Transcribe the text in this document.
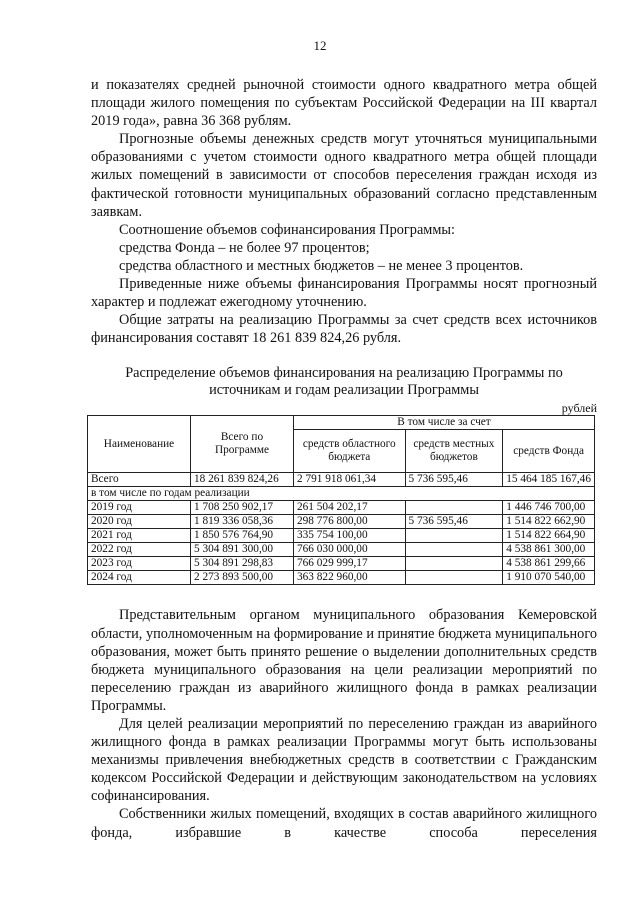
12

и показателях средней рыночной стоимости одного квадратного метра общей площади жилого помещения по субъектам Российской Федерации на III квартал 2019 года», равна 36 368 рублям.

Прогнозные объемы денежных средств могут уточняться муниципальными образованиями с учетом стоимости одного квадратного метра общей площади жилых помещений в зависимости от способов переселения граждан исходя из фактической готовности муниципальных образований согласно представленным заявкам.

Соотношение объемов софинансирования Программы:

средства Фонда – не более 97 процентов;

средства областного и местных бюджетов – не менее 3 процентов.

Приведенные ниже объемы финансирования Программы носят прогнозный характер и подлежат ежегодному уточнению.

Общие затраты на реализацию Программы за счет средств всех источников финансирования составят 18 261 839 824,26 рубля.

Распределение объемов финансирования на реализацию Программы по источникам и годам реализации Программы
рублей
Наименование	Всего по Программе	В том числе за счет		
		средств областного бюджета	средств местных бюджетов	средств Фонда
Всего	18 261 839 824,26	2 791 918 061,34	5 736 595,46	15 464 185 167,46
в том числе по годам реализации				
2019 год	1 708 250 902,17	261 504 202,17		1 446 746 700,00
2020 год	1 819 336 058,36	298 776 800,00	5 736 595,46	1 514 822 662,90
2021 год	1 850 576 764,90	335 754 100,00		1 514 822 664,90
2022 год	5 304 891 300,00	766 030 000,00		4 538 861 300,00
2023 год	5 304 891 298,83	766 029 999,17		4 538 861 299,66
2024 год	2 273 893 500,00	363 822 960,00		1 910 070 540,00

Представительным органом муниципального образования Кемеровской области, уполномоченным на формирование и принятие бюджета муниципального образования, может быть принято решение о выделении дополнительных средств бюджета муниципального образования на цели реализации мероприятий по переселению граждан из аварийного жилищного фонда в рамках реализации Программы.

Для целей реализации мероприятий по переселению граждан из аварийного жилищного фонда в рамках реализации Программы могут быть использованы механизмы привлечения внебюджетных средств в соответствии с Гражданским кодексом Российской Федерации и действующим законодательством на условиях софинансирования.

Собственники жилых помещений, входящих в состав аварийного жилищного фонда, избравшие в качестве способа переселения
